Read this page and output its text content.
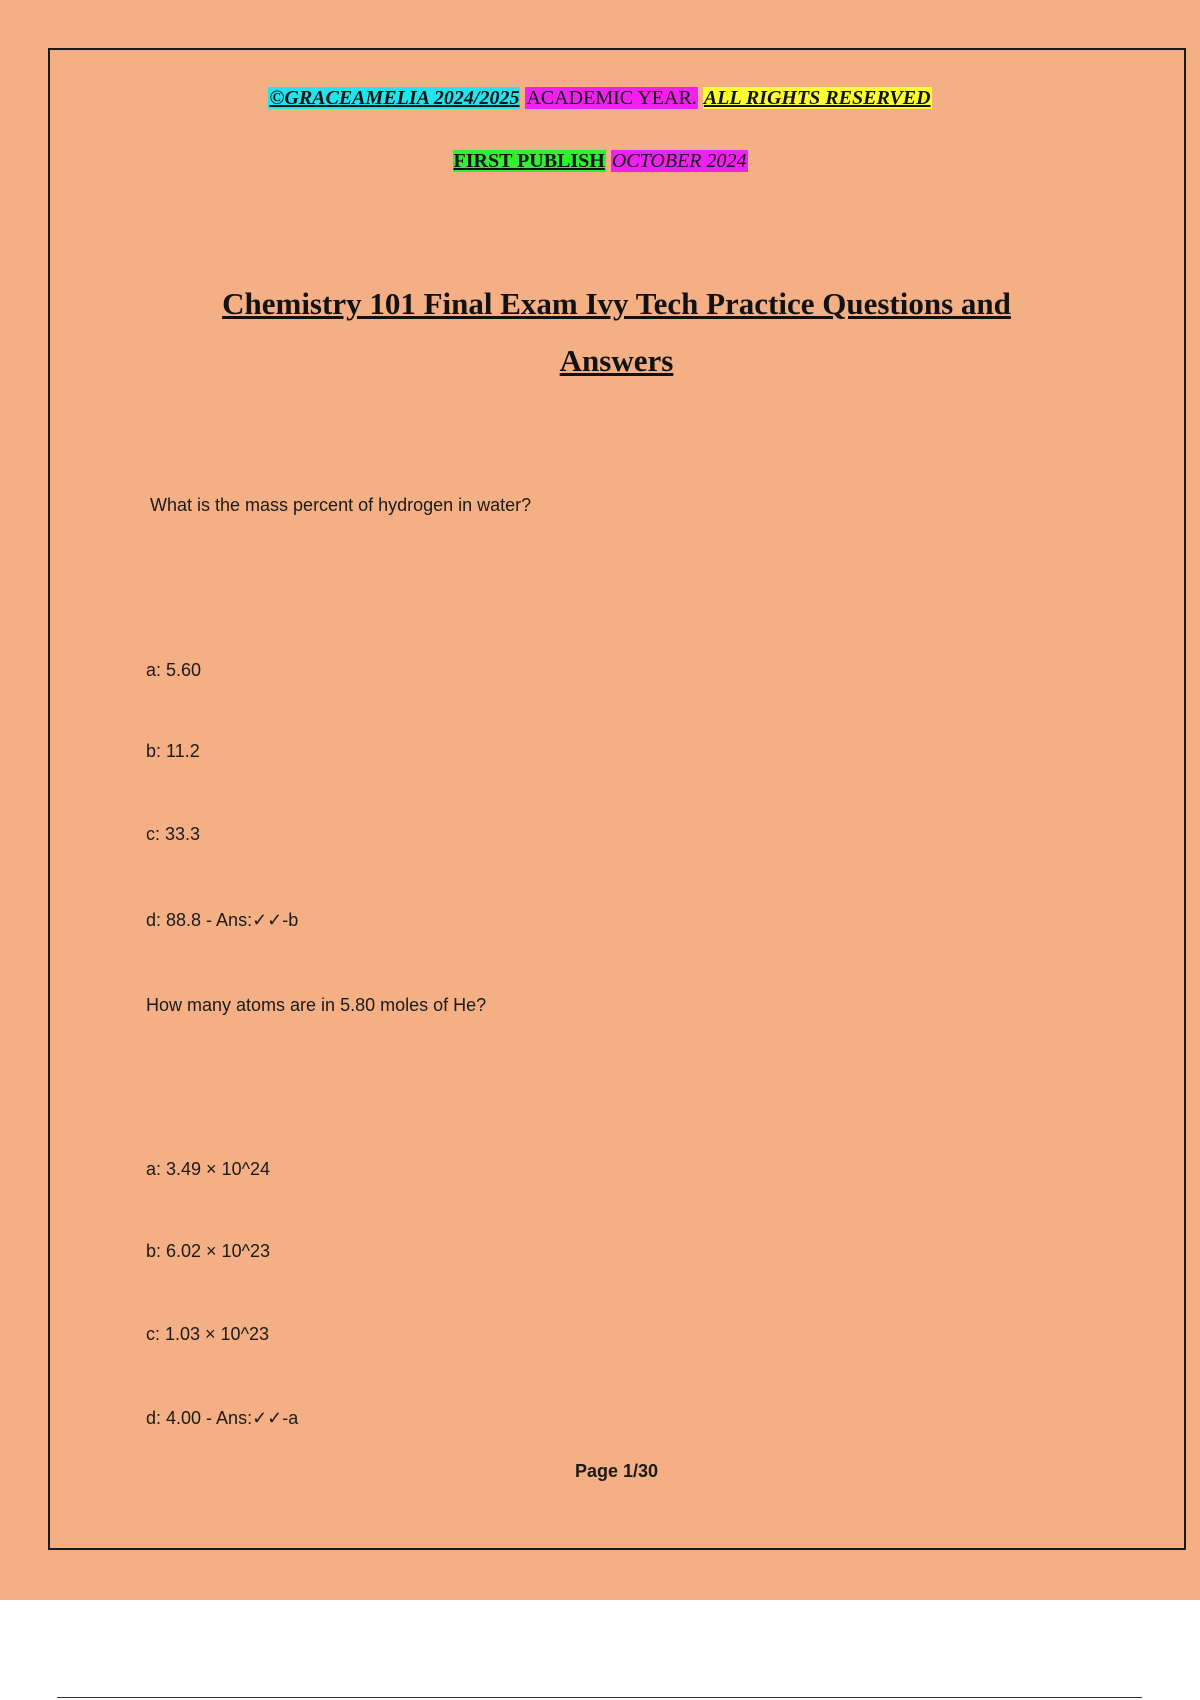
©GRACEAMELIA 2024/2025 ACADEMIC YEAR. ALL RIGHTS RESERVED
FIRST PUBLISH OCTOBER 2024
Chemistry 101 Final Exam Ivy Tech Practice Questions and
Answers
What is the mass percent of hydrogen in water?
a: 5.60
b: 11.2
c: 33.3
d: 88.8 - Ans:✓✓-b
How many atoms are in 5.80 moles of He?
a: 3.49 × 10^24
b: 6.02 × 10^23
c: 1.03 × 10^23
d: 4.00 - Ans:✓✓-a
Page 1/30
